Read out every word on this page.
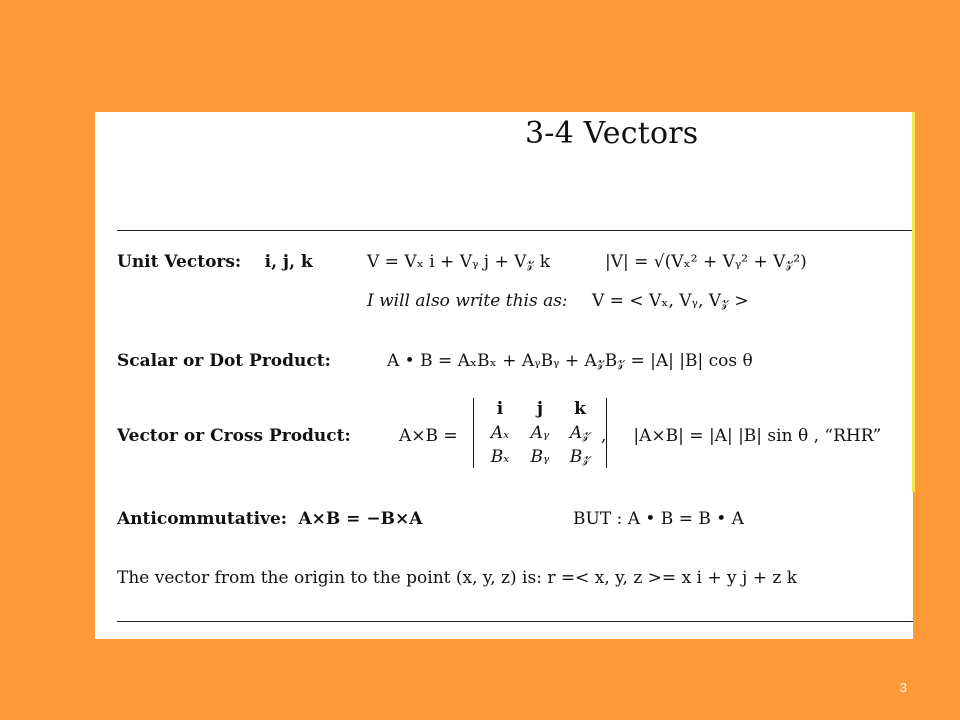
3-4 Vectors
Unit Vectors: i, j, k	V = Vₓ i + Vᵧ j + V𝓏 k	|V| = √(Vₓ² + Vᵧ² + V𝓏²)
I will also write this as: V = < Vₓ, Vᵧ, V𝓏 >
Scalar or Dot Product:	A • B = AₓBₓ + AᵧBᵧ + A𝓏B𝓏 = |A| |B| cos θ
Vector or Cross Product:	A×B =
i	j	k
Aₓ	Aᵧ	A𝓏
Bₓ	Bᵧ	B𝓏
,     |A×B| = |A| |B| sin θ , “RHR”
Anticommutative: A×B = −B×A	BUT : A • B = B • A
The vector from the origin to the point (x, y, z) is: r =< x, y, z >= x i + y j + z k
3
